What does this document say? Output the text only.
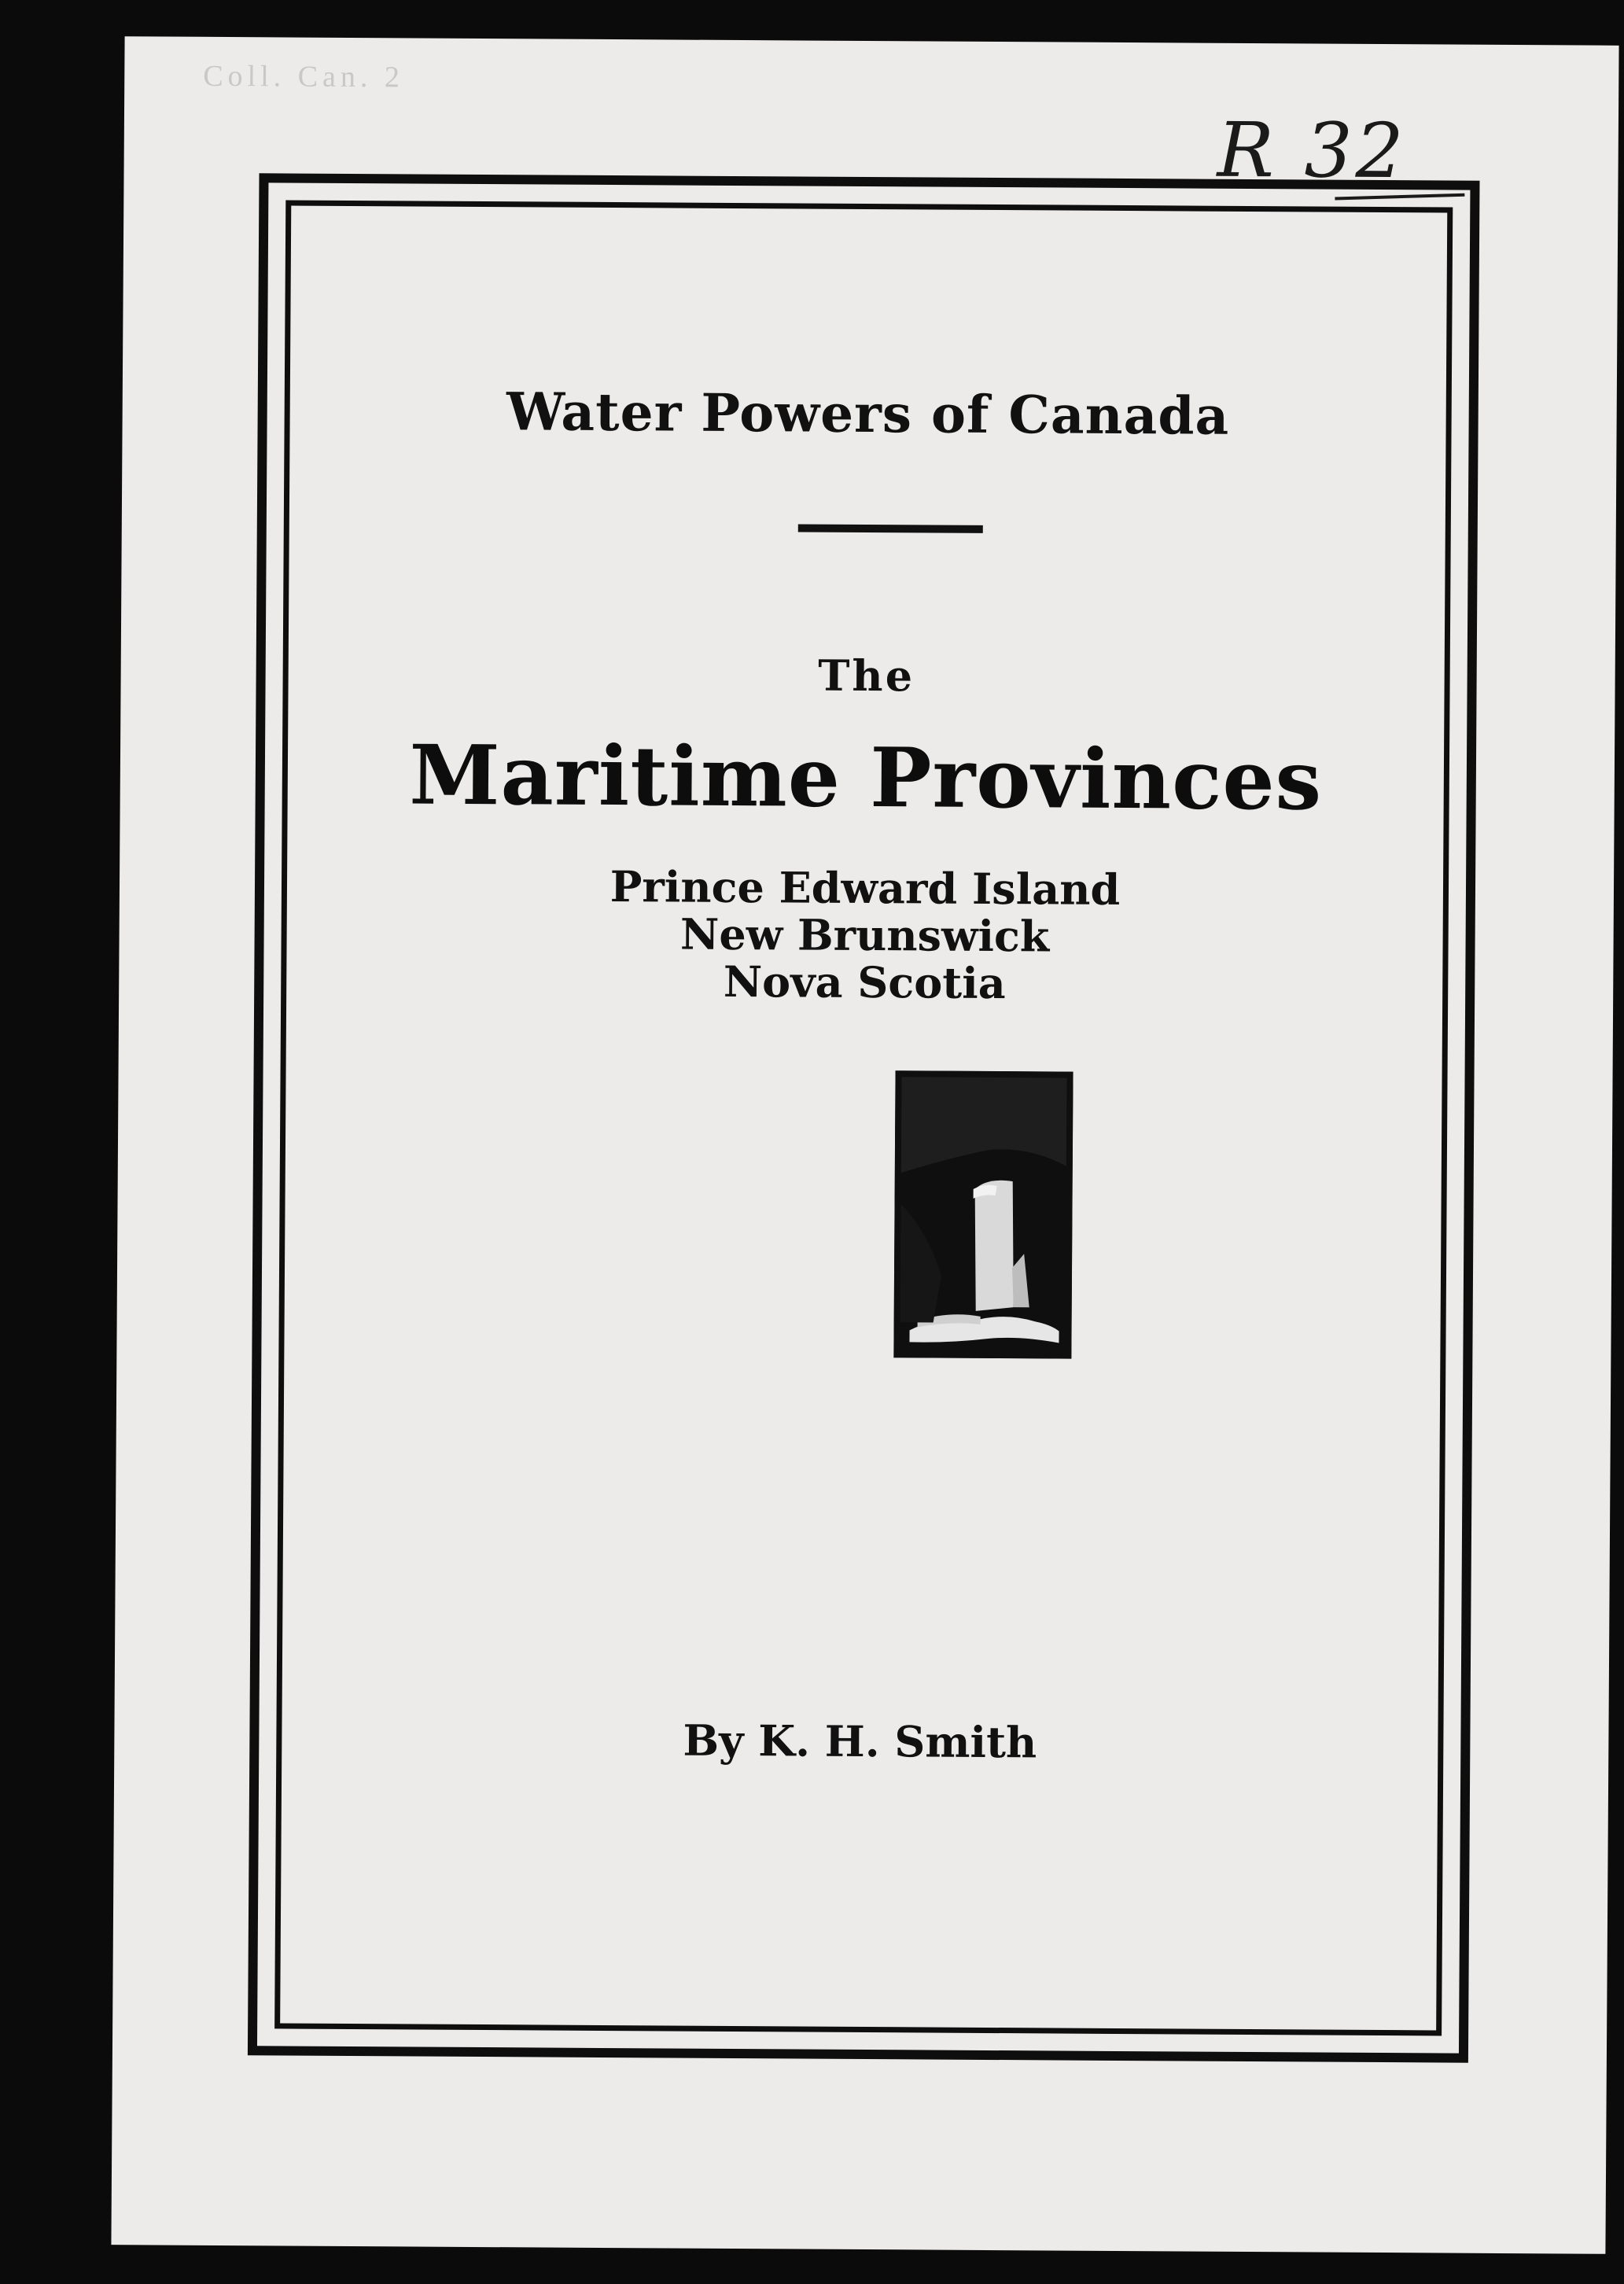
Coll. Can. 2
R 32
Water Powers of Canada
The
Maritime Provinces
Prince Edward Island
New Brunswick
Nova Scotia
By K. H. Smith
